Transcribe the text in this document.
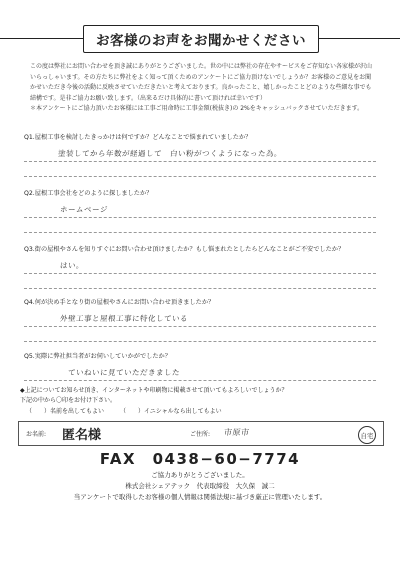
お客様のお声をお聞かせください
この度は弊社にお問い合わせを頂き誠にありがとうございました。世の中には弊社の存在やサービスをご存知ない各家様が沢山いらっしゃいます。その方たちに弊社をよく知って頂くためのアンケートにご協力頂けないでしょうか？お客様のご意見をお聞かせいただき今後の活動に反映させていただきたいと考えております。良かったこと、嬉しかったことどのような些細な事でも結構です。是非ご協力お願い致します。（出来るだけ具体的に書いて頂ければ幸いです）
＊本アンケートにご協力頂いたお客様には工事ご用命時に工事金額(税抜き)の 2%をキャッシュバックさせていただきます。
Q1.屋根工事を検討したきっかけは何ですか？どんなことで悩まれていましたか？
塗装してから年数が経過して　白い粉がつくようになった為。
Q2.屋根工事会社をどのように探しましたか？
ホームページ
Q3.街の屋根やさんを知りすぐにお問い合わせ頂けましたか？もし悩まれたとしたらどんなことがご不安でしたか？
はい。
Q4.何が決め手となり街の屋根やさんにお問い合わせ頂きましたか？
外壁工事と屋根工事に特化している
Q5.実際に弊社担当者がお伺いしていかがでしたか？
ていねいに見ていただきました
◆上記についてお知らせ頂き、インターネットや印刷物に掲載させて頂いてもよろしいでしょうか？
下記の中から〇印をお付け下さい。
（　　）名前を出してもよい	（　　）イニシャルなら出してもよい
お名前: 匿名様	ご住所: 市原市	自宅
FAX　0438−60−7774
ご協力ありがとうございました。
株式会社シェアテック　代表取締役　大久保　誠二
当アンケートで取得したお客様の個人情報は関係法規に基づき厳正に管理いたします。
